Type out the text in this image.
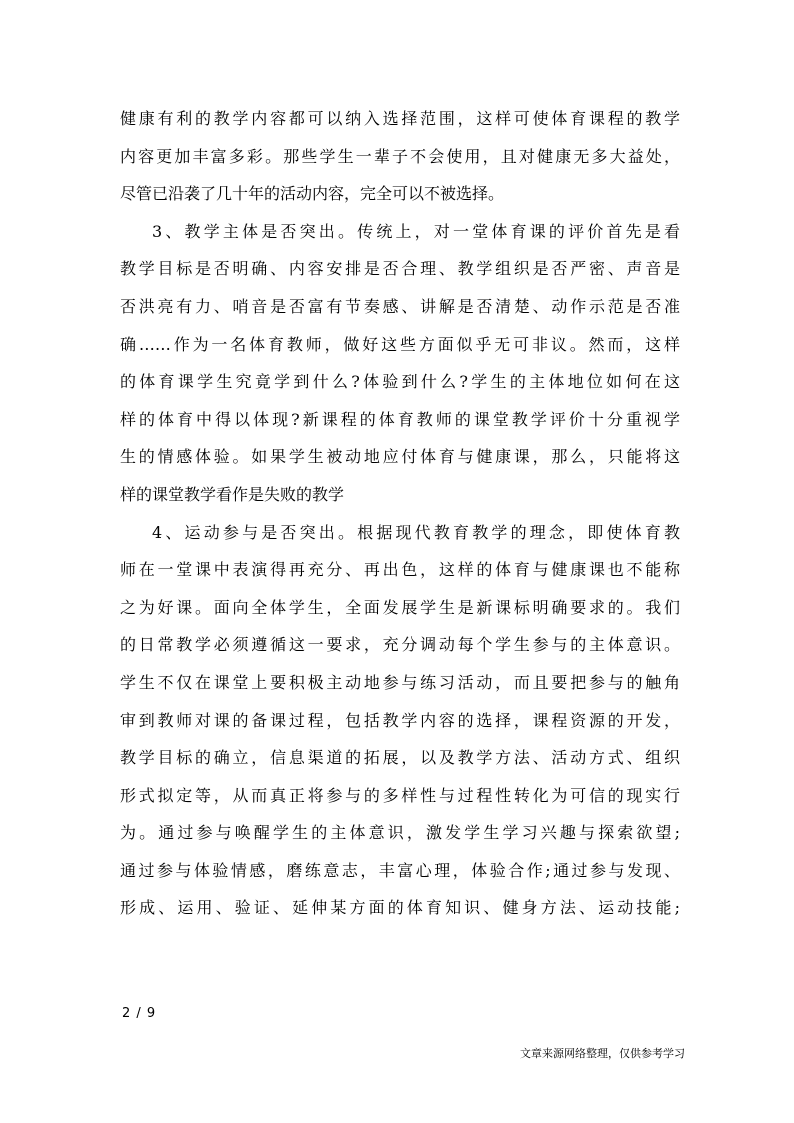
健康有利的教学内容都可以纳入选择范围，这样可使体育课程的教学
内容更加丰富多彩。那些学生一辈子不会使用，且对健康无多大益处，
尽管已沿袭了几十年的活动内容，完全可以不被选择。
3、教学主体是否突出。传统上，对一堂体育课的评价首先是看
教学目标是否明确、内容安排是否合理、教学组织是否严密、声音是
否洪亮有力、哨音是否富有节奏感、讲解是否清楚、动作示范是否准
确……作为一名体育教师，做好这些方面似乎无可非议。然而，这样
的体育课学生究竟学到什么?体验到什么?学生的主体地位如何在这
样的体育中得以体现?新课程的体育教师的课堂教学评价十分重视学
生的情感体验。如果学生被动地应付体育与健康课，那么，只能将这
样的课堂教学看作是失败的教学
4、运动参与是否突出。根据现代教育教学的理念，即使体育教
师在一堂课中表演得再充分、再出色，这样的体育与健康课也不能称
之为好课。面向全体学生，全面发展学生是新课标明确要求的。我们
的日常教学必须遵循这一要求，充分调动每个学生参与的主体意识。
学生不仅在课堂上要积极主动地参与练习活动，而且要把参与的触角
审到教师对课的备课过程，包括教学内容的选择，课程资源的开发，
教学目标的确立，信息渠道的拓展，以及教学方法、活动方式、组织
形式拟定等，从而真正将参与的多样性与过程性转化为可信的现实行
为。通过参与唤醒学生的主体意识，激发学生学习兴趣与探索欲望;
通过参与体验情感，磨练意志，丰富心理，体验合作;通过参与发现、
形成、运用、验证、延伸某方面的体育知识、健身方法、运动技能;
2 / 9
文章来源网络整理，仅供参考学习
